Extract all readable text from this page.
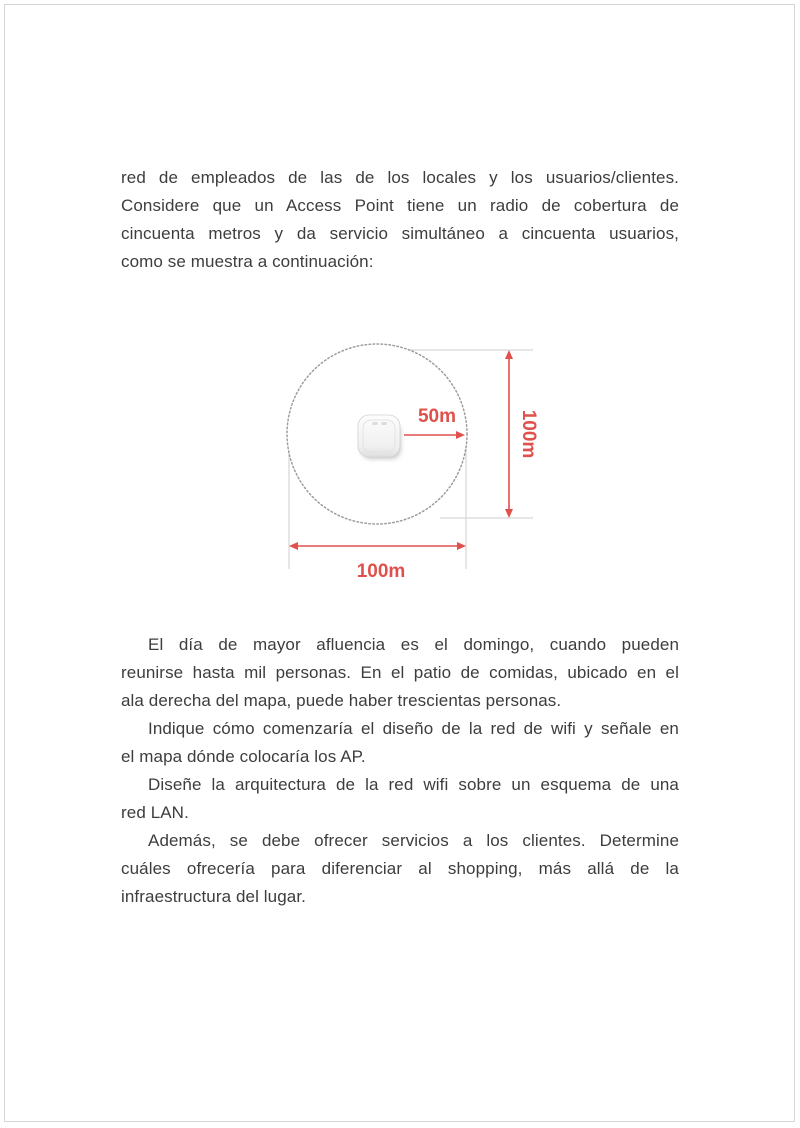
red de empleados de las de los locales y los usuarios/clientes.
Considere que un Access Point tiene un radio de cobertura de
cincuenta metros y da servicio simultáneo a cincuenta usuarios,
como se muestra a continuación:
50m	100m
100m
El día de mayor afluencia es el domingo, cuando pueden
reunirse hasta mil personas. En el patio de comidas, ubicado en el
ala derecha del mapa, puede haber trescientas personas.
Indique cómo comenzaría el diseño de la red de wifi y señale en
el mapa dónde colocaría los AP.
Diseñe la arquitectura de la red wifi sobre un esquema de una
red LAN.
Además, se debe ofrecer servicios a los clientes. Determine
cuáles ofrecería para diferenciar al shopping, más allá de la
infraestructura del lugar.
